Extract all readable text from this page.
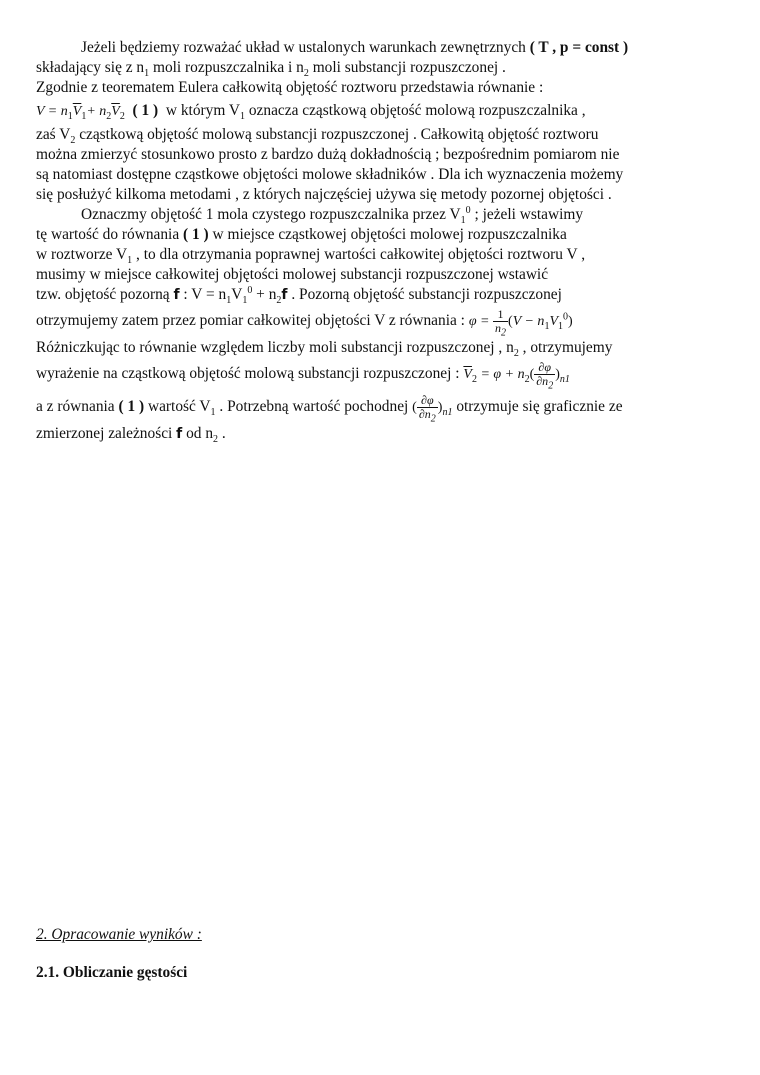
Jeżeli będziemy rozważać układ w ustalonych warunkach zewnętrznych ( T , p = const )
składający się z $n_1$ moli rozpuszczalnika i $n_2$ moli substancji rozpuszczonej .
Zgodnie z teorematem Eulera całkowitą objętość roztworu przedstawia równanie :
$V = n_1\overline{V}_1+ n_2\overline{V}_2$ ( 1 ) w którym $V_1$ oznacza cząstkową objętość molową rozpuszczalnika ,
zaś $V_2$ cząstkową objętość molową substancji rozpuszczonej . Całkowitą objętość roztworu
można zmierzyć stosunkowo prosto z bardzo dużą dokładnością ; bezpośrednim pomiarom nie
są natomiast dostępne cząstkowe objętości molowe składników . Dla ich wyznaczenia możemy
się posłużyć kilkoma metodami , z których najczęściej używa się metody pozornej objętości .
Oznaczmy objętość 1 mola czystego rozpuszczalnika przez $V_1^0$ ; jeżeli wstawimy
tę wartość do równania ( 1 ) w miejsce cząstkowej objętości molowej rozpuszczalnika
w roztworze $V_1$ , to dla otrzymania poprawnej wartości całkowitej objętości roztworu V ,
musimy w miejsce całkowitej objętości molowej substancji rozpuszczonej wstawić
tzw. objętość pozorną f : $V = n_1V_1^0 + n_2f$ . Pozorną objętość substancji rozpuszczonej
otrzymujemy zatem przez pomiar całkowitej objętości V z równania : $\varphi = \frac{1}{n_2} (V - n_1V_1^0)$
Różniczkując to równanie względem liczby moli substancji rozpuszczonej , $n_2$ , otrzymujemy
wyrażenie na cząstkową objętość molową substancji rozpuszczonej : $\overline{V}_2 = \varphi + n_2( \frac{\partial\varphi}{\partial n_2} )_{n1}$
a z równania ( 1 ) wartość $V_1$ . Potrzebną wartość pochodnej ( $\frac{\partial\varphi}{\partial n_2} )_{n1}$ otrzymuje się graficznie ze
zmierzonej zależności f od $n_2$ .
2. Opracowanie wyników :
2.1. Obliczanie gęstości
